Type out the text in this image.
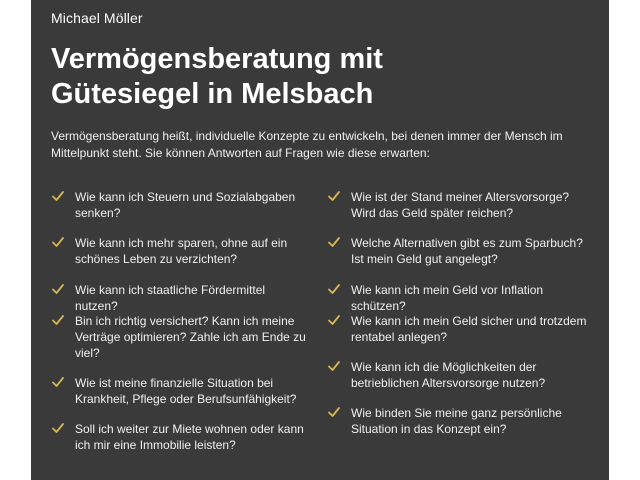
Michael Möller
Vermögensberatung mit
Gütesiegel in Melsbach

Vermögensberatung heißt, individuelle Konzepte zu entwickeln, bei denen immer der Mensch im Mittelpunkt steht. Sie können Antworten auf Fragen wie diese erwarten:

Wie kann ich Steuern und Sozialabgaben senken?
Wie kann ich mehr sparen, ohne auf ein schönes Leben zu verzichten?
Wie kann ich staatliche Fördermittel nutzen?
Bin ich richtig versichert? Kann ich meine Verträge optimieren? Zahle ich am Ende zu viel?
Wie ist meine finanzielle Situation bei Krankheit, Pflege oder Berufsunfähigkeit?
Soll ich weiter zur Miete wohnen oder kann ich mir eine Immobilie leisten?
Wie ist der Stand meiner Altersvorsorge? Wird das Geld später reichen?
Welche Alternativen gibt es zum Sparbuch? Ist mein Geld gut angelegt?
Wie kann ich mein Geld vor Inflation schützen?
Wie kann ich mein Geld sicher und trotzdem rentabel anlegen?
Wie kann ich die Möglichkeiten der betrieblichen Altersvorsorge nutzen?
Wie binden Sie meine ganz persönliche Situation in das Konzept ein?
